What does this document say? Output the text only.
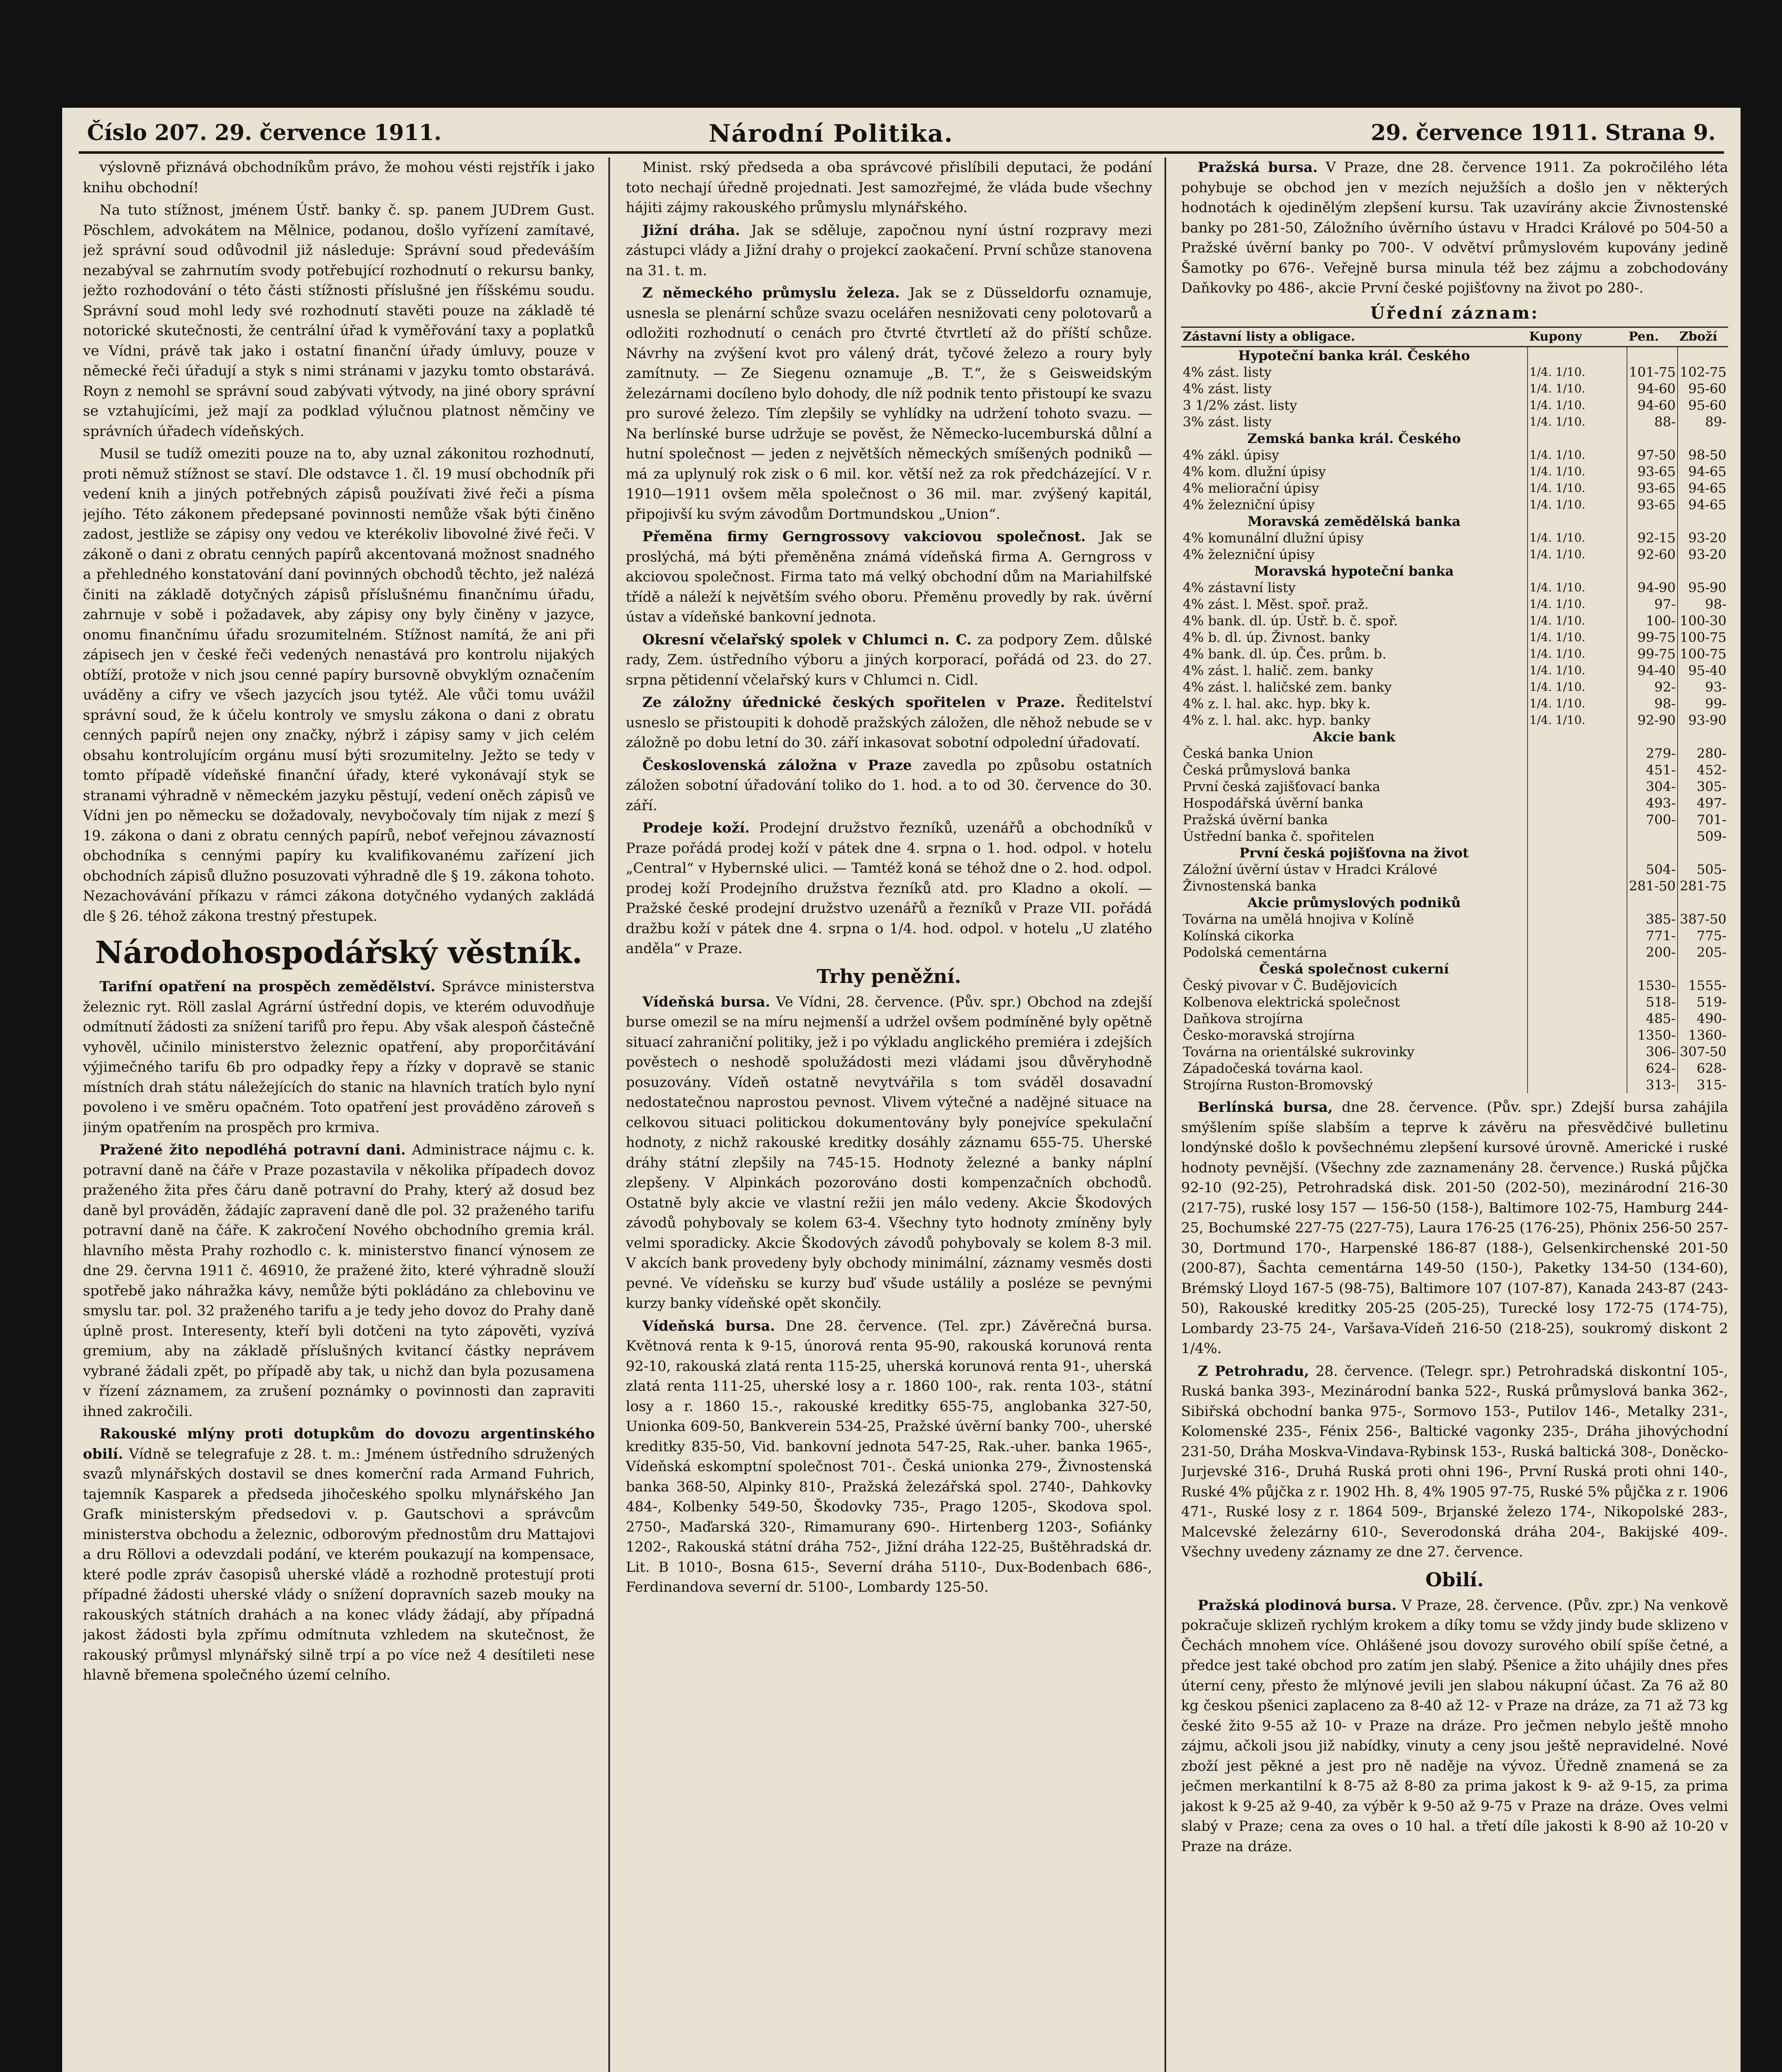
Číslo 207. 29. července 1911.	Národní Politika.	29. července 1911. Strana 9.

výslovně přiznává obchodníkům právo, že mohou vésti rejstřík i jako knihu obchodní!

Na tuto stížnost, jménem Ústř. banky č. sp. panem JUDrem Gust. Pöschlem, advokátem na Mělnice, podanou, došlo vyřízení zamítavé, jež správní soud odůvodnil již následuje: Správní soud předeváším nezabýval se zahrnutím svody potřebující rozhodnutí o rekursu banky, ježto rozhodování o této části stížnosti příslušné jen říšskému soudu. Správní soud mohl ledy své rozhodnutí stavěti pouze na základě té notorické skutečnosti, že centrální úřad k vyměřování taxy a poplatků ve Vídni, právě tak jako i ostatní finanční úřady úmluvy, pouze v německé řeči úřadují a styk s nimi stránami v jazyku tomto obstarává. Royn z nemohl se správní soud zabývati výtvody, na jiné obory správní se vztahujícími, jež mají za podklad výlučnou platnost němčiny ve správních úřadech vídeňských.

Musil se tudíž omeziti pouze na to, aby uznal zákonitou rozhodnutí, proti němuž stížnost se staví. Dle odstavce 1. čl. 19 musí obchodník při vedení knih a jiných potřebných zápisů používati živé řeči a písma jejího. Této zákonem předepsané povinnosti nemůže však býti činěno zadost, jestliže se zápisy ony vedou ve kterékoliv libovolné živé řeči. V zákoně o dani z obratu cenných papírů akcentovaná možnost snadného a přehledného konstatování daní povinných obchodů těchto, jež nalézá činiti na základě dotyčných zápisů příslušnému finančnímu úřadu, zahrnuje v sobě i požadavek, aby zápisy ony byly činěny v jazyce, onomu finančnímu úřadu srozumitelném. Stížnost namítá, že ani při zápisech jen v české řeči vedených nenastává pro kontrolu nijakých obtíží, protože v nich jsou cenné papíry bursovně obvyklým označením uváděny a cifry ve všech jazycích jsou tytéž. Ale vůči tomu uvážil správní soud, že k účelu kontroly ve smyslu zákona o dani z obratu cenných papírů nejen ony značky, nýbrž i zápisy samy v jich celém obsahu kontrolujícím orgánu musí býti srozumitelny. Ježto se tedy v tomto případě vídeňské finanční úřady, které vykonávají styk se stranami výhradně v německém jazyku pěstují, vedení oněch zápisů ve Vídni jen po německu se dožadovaly, nevybočovaly tím nijak z mezí § 19. zákona o dani z obratu cenných papírů, neboť veřejnou závazností obchodníka s cennými papíry ku kvalifikovanému zařízení jich obchodních zápisů dlužno posuzovati výhradně dle § 19. zákona tohoto. Nezachovávání příkazu v rámci zákona dotyčného vydaných zakládá dle § 26. téhož zákona trestný přestupek.

Národohospodářský věstník.

Tarifní opatření na prospěch zemědělství. Správce ministerstva železnic ryt. Röll zaslal Agrární ústřední dopis, ve kterém oduvodňuje odmítnutí žádosti za snížení tarifů pro řepu. Aby však alespoň částečně vyhověl, učinilo ministerstvo železnic opatření, aby proporčitávání výjimečného tarifu 6b pro odpadky řepy a řízky v dopravě se stanic místních drah státu náležejících do stanic na hlavních tratích bylo nyní povoleno i ve směru opačném. Toto opatření jest prováděno zároveň s jiným opatřením na prospěch pro krmiva.

Pražené žito nepodléhá potravní dani. Administrace nájmu c. k. potravní daně na čáře v Praze pozastavila v několika případech dovoz praženého žita přes čáru daně potravní do Prahy, který až dosud bez daně byl prováděn, žádajíc zapravení daně dle pol. 32 praženého tarifu potravní daně na čáře. K zakročení Nového obchodního gremia král. hlavního města Prahy rozhodlo c. k. ministerstvo financí výnosem ze dne 29. června 1911 č. 46910, že pražené žito, které výhradně slouží spotřebě jako náhražka kávy, nemůže býti pokládáno za chlebovinu ve smyslu tar. pol. 32 praženého tarifu a je tedy jeho dovoz do Prahy daně úplně prost. Interesenty, kteří byli dotčeni na tyto zápověti, vyzívá gremium, aby na základě příslušných kvitancí částky neprávem vybrané žádali zpět, po případě aby tak, u nichž dan byla pozusamena v řízení záznamem, za zrušení poznámky o povinnosti dan zapraviti ihned zakročili.

Rakouské mlýny proti dotupkům do dovozu argentinského obilí. Vídně se telegrafuje z 28. t. m.: Jménem ústředního sdružených svazů mlynářských dostavil se dnes komerční rada Armand Fuhrich, tajemník Kasparek a předseda jihočeského spolku mlynářského Jan Grafk ministerským předsedovi v. p. Gautschovi a správcům ministerstva obchodu a železnic, odborovým přednostům dru Mattajovi a dru Röllovi a odevzdali podání, ve kterém poukazují na kompensace, které podle zpráv časopisů uherské vládě a rozhodně protestují proti případné žádosti uherské vlády o snížení dopravních sazeb mouky na rakouských státních drahách a na konec vlády žádají, aby případná jakost žádosti byla zpřímu odmítnuta vzhledem na skutečnost, že rakouský průmysl mlynářský silně trpí a po více než 4 desítileti nese hlavně břemena společného území celního.

Minist. rský předseda a oba správcové přislíbili deputaci, že podání toto nechají úředně projednati. Jest samozřejmé, že vláda bude všechny hájiti zájmy rakouského průmyslu mlynářského.

Jižní dráha. Jak se sděluje, započnou nyní ústní rozpravy mezi zástupci vlády a Jižní drahy o projekcí zaokačení. První schůze stanovena na 31. t. m.

Z německého průmyslu železa. Jak se z Düsseldorfu oznamuje, usnesla se plenární schůze svazu ocelářen nesnižovati ceny polotovarů a odložiti rozhodnutí o cenách pro čtvrté čtvrtletí až do příští schůze. Návrhy na zvýšení kvot pro válený drát, tyčové železo a roury byly zamítnuty. — Ze Siegenu oznamuje „B. T.“, že s Geisweidským železárnami docíleno bylo dohody, dle níž podnik tento přistoupí ke svazu pro surové železo. Tím zlepšily se vyhlídky na udržení tohoto svazu. — Na berlínské burse udržuje se pověst, že Německo-lucemburská důlní a hutní společnost — jeden z největších německých smíšených podniků — má za uplynulý rok zisk o 6 mil. kor. větší než za rok předcházející. V r. 1910—1911 ovšem měla společnost o 36 mil. mar. zvýšený kapitál, připojivší ku svým závodům Dortmundskou „Union“.

Přeměna firmy Gerngrossovy vakciovou společnost. Jak se proslýchá, má býti přeměněna známá vídeňská firma A. Gerngross v akciovou společnost. Firma tato má velký obchodní dům na Mariahilfské třídě a náleží k největším svého oboru. Přeměnu provedly by rak. úvěrní ústav a vídeňské bankovní jednota.

Okresní včelařský spolek v Chlumci n. C. za podpory Zem. důlské rady, Zem. ústředního výboru a jiných korporací, pořádá od 23. do 27. srpna pětidenní včelařský kurs v Chlumci n. Cidl.

Ze záložny úřednické českých spořitelen v Praze. Ředitelství usneslo se přistoupiti k dohodě pražských záložen, dle něhož nebude se v záložně po dobu letní do 30. září inkasovat sobotní odpolední úřadovatí.

Československá záložna v Praze zavedla po způsobu ostatních záložen sobotní úřadování toliko do 1. hod. a to od 30. července do 30. září.

Prodeje koží. Prodejní družstvo řezníků, uzenářů a obchodníků v Praze pořádá prodej koží v pátek dne 4. srpna o 1. hod. odpol. v hotelu „Central“ v Hybernské ulici. — Tamtéž koná se téhož dne o 2. hod. odpol. prodej koží Prodejního družstva řezníků atd. pro Kladno a okolí. — Pražské české prodejní družstvo uzenářů a řezníků v Praze VII. pořádá dražbu koží v pátek dne 4. srpna o 1/4. hod. odpol. v hotelu „U zlatého anděla“ v Praze.

Trhy peněžní.

Vídeňská bursa. Ve Vídni, 28. července. (Pův. spr.) Obchod na zdejší burse omezil se na míru nejmenší a udržel ovšem podmíněné byly opětně situací zahraniční politiky, jež i po výkladu anglického premiéra i zdejších pověstech o neshodě spolužádosti mezi vládami jsou důvěryhodně posuzovány. Vídeň ostatně nevytvářila s tom sváděl dosavadní nedostatečnou naprostou pevnost. Vlivem výtečné a nadějné situace na celkovou situaci politickou dokumentovány byly ponejvíce spekulační hodnoty, z nichž rakouské kreditky dosáhly záznamu 655-75. Uherské dráhy státní zlepšily na 745-15. Hodnoty železné a banky náplní zlepšeny. V Alpinkách pozorováno dosti kompenzačních obchodů. Ostatně byly akcie ve vlastní režii jen málo vedeny. Akcie Škodových závodů pohybovaly se kolem 63-4. Všechny tyto hodnoty zmíněny byly velmi sporadicky. Akcie Škodových závodů pohybovaly se kolem 8-3 mil. V akcích bank provedeny byly obchody minimální, záznamy vesměs dosti pevné. Ve vídeňsku se kurzy buď všude ustálily a posléze se pevnými kurzy banky vídeňské opět skončily.

Vídeňská bursa. Dne 28. července. (Tel. zpr.) Závěrečná bursa. Květnová renta k 9-15, únorová renta 95-90, rakouská korunová renta 92-10, rakouská zlatá renta 115-25, uherská korunová renta 91-, uherská zlatá renta 111-25, uherské losy a r. 1860 100-, rak. renta 103-, státní losy a r. 1860 15.-, rakouské kreditky 655-75, anglobanka 327-50, Unionka 609-50, Bankverein 534-25, Pražské úvěrní banky 700-, uherské kreditky 835-50, Vid. bankovní jednota 547-25, Rak.-uher. banka 1965-, Vídeňská eskomptní společnost 701-. Česká unionka 279-, Živnostenská banka 368-50, Alpinky 810-, Pražská železářská spol. 2740-, Dahkovky 484-, Kolbenky 549-50, Škodovky 735-, Prago 1205-, Skodova spol. 2750-, Maďarská 320-, Rimamurany 690-. Hirtenberg 1203-, Sofiánky 1202-, Rakouská státní dráha 752-, Jižní dráha 122-25, Buštěhradská dr. Lit. B 1010-, Bosna 615-, Severní dráha 5110-, Dux-Bodenbach 686-, Ferdinandova severní dr. 5100-, Lombardy 125-50.

Pražská bursa. V Praze, dne 28. července 1911. Za pokročilého léta pohybuje se obchod jen v mezích nejužších a došlo jen v některých hodnotách k ojedinělým zlepšení kursu. Tak uzavírány akcie Živnostenské banky po 281-50, Záložního úvěrního ústavu v Hradci Králové po 504-50 a Pražské úvěrní banky po 700-. V odvětví průmyslovém kupovány jedině Šamotky po 676-. Veřejně bursa minula též bez zájmu a zobchodovány Daňkovky po 486-, akcie První české pojišťovny na život po 280-.

Úřední záznam:
Zástavní listy a obligace.	Kupony	Pen.	Zboží
Hypoteční banka král. Českého			
4% zást. listy	1/4. 1/10.	101-75	102-75
4% zást. listy	1/4. 1/10.	94-60	95-60
3 1/2% zást. listy	1/4. 1/10.	94-60	95-60
3% zást. listy	1/4. 1/10.	88-	89-
Zemská banka král. Českého			
4% zákl. úpisy	1/4. 1/10.	97-50	98-50
4% kom. dlužní úpisy	1/4. 1/10.	93-65	94-65
4% meliorační úpisy	1/4. 1/10.	93-65	94-65
4% železniční úpisy	1/4. 1/10.	93-65	94-65
Moravská zemědělská banka			
4% komunální dlužní úpisy	1/4. 1/10.	92-15	93-20
4% železniční úpisy	1/4. 1/10.	92-60	93-20
Moravská hypoteční banka			
4% zástavní listy	1/4. 1/10.	94-90	95-90
4% zást. l. Měst. spoř. praž.	1/4. 1/10.	97-	98-
4% bank. dl. úp. Ústř. b. č. spoř.	1/4. 1/10.	100-	100-30
4% b. dl. úp. Živnost. banky	1/4. 1/10.	99-75	100-75
4% bank. dl. úp. Čes. prům. b.	1/4. 1/10.	99-75	100-75
4% zást. l. halič. zem. banky	1/4. 1/10.	94-40	95-40
4% zást. l. haličské zem. banky	1/4. 1/10.	92-	93-
4% z. l. hal. akc. hyp. bky k.	1/4. 1/10.	98-	99-
4% z. l. hal. akc. hyp. banky	1/4. 1/10.	92-90	93-90
Akcie bank			
Česká banka Union		279-	280-
Česká průmyslová banka		451-	452-
První česká zajišťovací banka		304-	305-
Hospodářská úvěrní banka		493-	497-
Pražská úvěrní banka		700-	701-
Ústřední banka č. spořitelen			509-
První česká pojišťovna na život			
Záložní úvěrní ústav v Hradci Králové		504-	505-
Živnostenská banka		281-50	281-75
Akcie průmyslových podniků			
Továrna na umělá hnojiva v Kolíně		385-	387-50
Kolínská cikorka		771-	775-
Podolská cementárna		200-	205-
Česká společnost cukerní			
Český pivovar v Č. Budějovicích		1530-	1555-
Kolbenova elektrická společnost		518-	519-
Daňkova strojírna		485-	490-
Česko-moravská strojírna		1350-	1360-
Továrna na orientálské sukrovinky		306-	307-50
Západočeská továrna kaol.		624-	628-
Strojírna Ruston-Bromovský		313-	315-

Berlínská bursa, dne 28. července. (Pův. spr.) Zdejší bursa zahájila smýšlením spíše slabším a teprve k závěru na přesvědčivé bulletinu londýnské došlo k povšechnému zlepšení kursové úrovně. Americké i ruské hodnoty pevnější. (Všechny zde zaznamenány 28. července.) Ruská půjčka 92-10 (92-25), Petrohradská disk. 201-50 (202-50), mezinárodní 216-30 (217-75), ruské losy 157 — 156-50 (158-), Baltimore 102-75, Hamburg 244-25, Bochumské 227-75 (227-75), Laura 176-25 (176-25), Phönix 256-50 257-30, Dortmund 170-, Harpenské 186-87 (188-), Gelsenkirchenské 201-50 (200-87), Šachta cementárna 149-50 (150-), Paketky 134-50 (134-60), Brémský Lloyd 167-5 (98-75), Baltimore 107 (107-87), Kanada 243-87 (243-50), Rakouské kreditky 205-25 (205-25), Turecké losy 172-75 (174-75), Lombardy 23-75 24-, Varšava-Vídeň 216-50 (218-25), soukromý diskont 2 1/4%.

Z Petrohradu, 28. července. (Telegr. spr.) Petrohradská diskontní 105-, Ruská banka 393-, Mezinárodní banka 522-, Ruská průmyslová banka 362-, Sibiřská obchodní banka 975-, Sormovo 153-, Putilov 146-, Metalky 231-, Kolomenské 235-, Fénix 256-, Baltické vagonky 235-, Dráha jihovýchodní 231-50, Dráha Moskva-Vindava-Rybinsk 153-, Ruská baltická 308-, Doněcko-Jurjevské 316-, Druhá Ruská proti ohni 196-, První Ruská proti ohni 140-, Ruské 4% půjčka z r. 1902 Hh. 8, 4% 1905 97-75, Ruské 5% půjčka z r. 1906 471-, Ruské losy z r. 1864 509-, Brjanské železo 174-, Nikopolské 283-, Malcevské železárny 610-, Severodonská dráha 204-, Bakijské 409-. Všechny uvedeny záznamy ze dne 27. července.

Obilí.

Pražská plodinová bursa. V Praze, 28. července. (Pův. zpr.) Na venkově pokračuje sklizeň rychlým krokem a díky tomu se vždy jindy bude sklizeno v Čechách mnohem více. Ohlášené jsou dovozy surového obilí spíše četné, a předce jest také obchod pro zatím jen slabý. Pšenice a žito uhájily dnes přes úterní ceny, přesto že mlýnové jevili jen slabou nákupní účast. Za 76 až 80 kg českou pšenici zaplaceno za 8-40 až 12- v Praze na dráze, za 71 až 73 kg české žito 9-55 až 10- v Praze na dráze. Pro ječmen nebylo ještě mnoho zájmu, ačkoli jsou již nabídky, vinuty a ceny jsou ještě nepravidelné. Nové zboží jest pěkné a jest pro ně naděje na vývoz. Úředně znamená se za ječmen merkantilní k 8-75 až 8-80 za prima jakost k 9- až 9-15, za prima jakost k 9-25 až 9-40, za výběr k 9-50 až 9-75 v Praze na dráze. Oves velmi slabý v Praze; cena za oves o 10 hal. a třetí díle jakosti k 8-90 až 10-20 v Praze na dráze.
